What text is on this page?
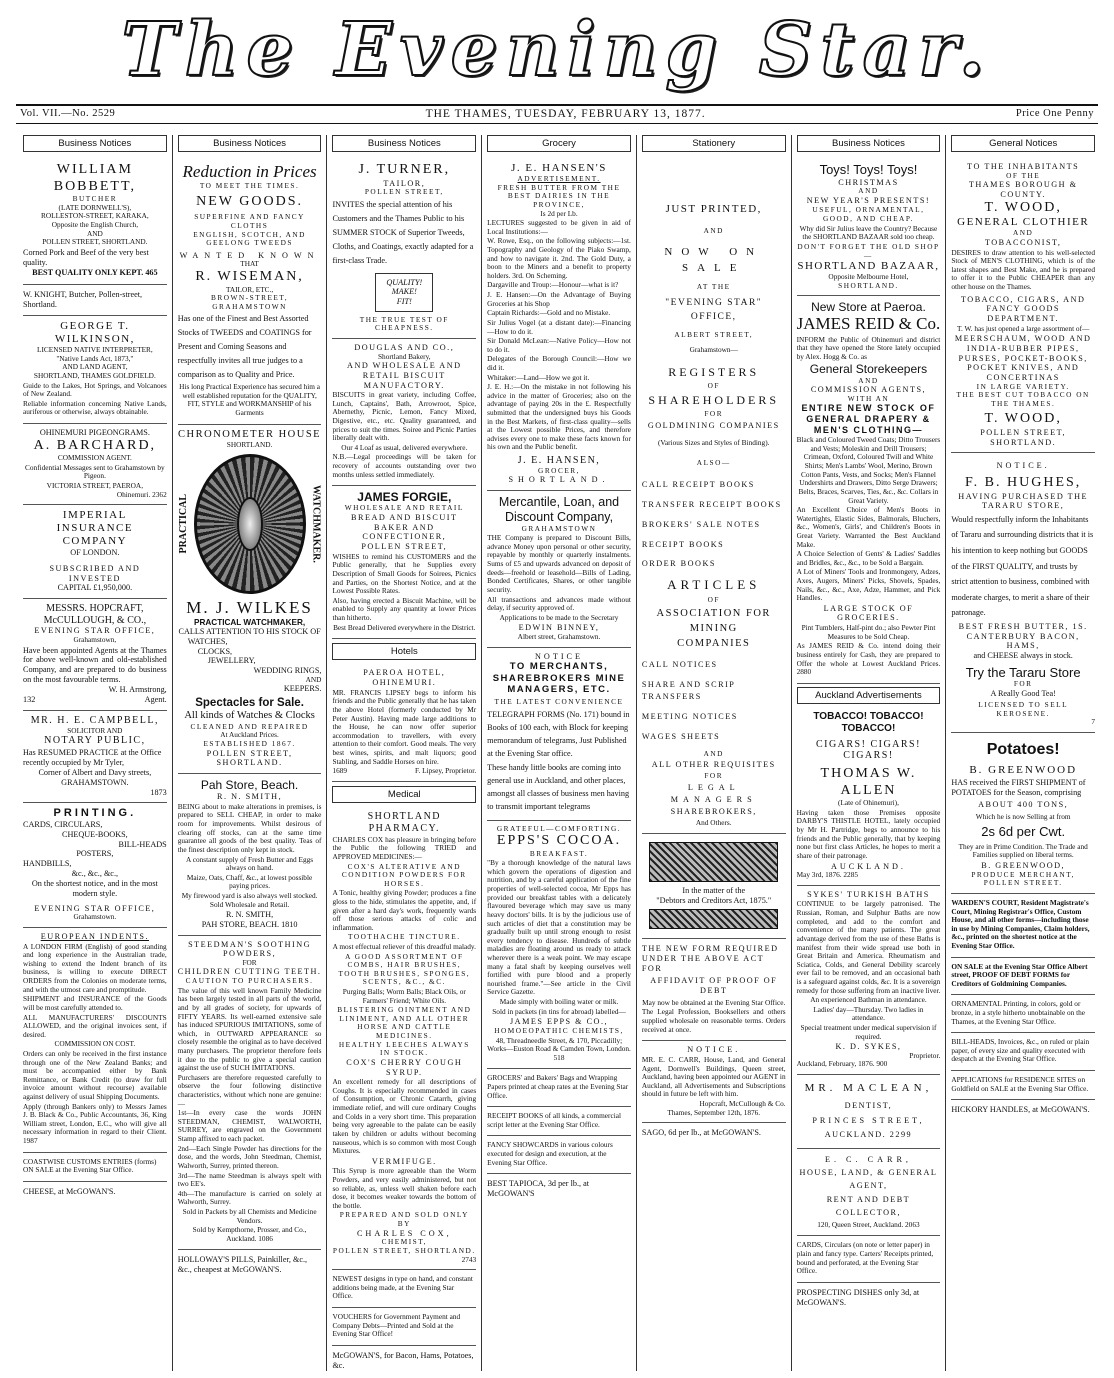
The Evening Star.
Vol. VII.—No. 2529	THE THAMES, TUESDAY, FEBRUARY 13, 1877.	Price One Penny
Business Notices
WILLIAM BOBBETT,
BUTCHER
(LATE DORNWELL'S),
ROLLESTON-STREET, KARAKA,
Opposite the English Church,
AND
POLLEN STREET, SHORTLAND.

Corned Pork and Beef of the very best quality.

BEST QUALITY ONLY KEPT. 465

W. KNIGHT, Butcher, Pollen-street, Shortland.

GEORGE T. WILKINSON,
LICENSED NATIVE INTERPRETER,
"Native Lands Act, 1873,"
AND LAND AGENT,
SHORTLAND, THAMES GOLDFIELD.

Guide to the Lakes, Hot Springs, and Volcanoes of New Zealand.

Reliable information concerning Native Lands, auriferous or otherwise, always obtainable.

OHINEMURI PIGEONGRAMS.
A. BARCHARD,
COMMISSION AGENT.

Confidential Messages sent to Grahamstown by Pigeon.

VICTORIA STREET, PAEROA,
Ohinemuri. 2362
IMPERIAL
INSURANCE COMPANY
OF LONDON.
SUBSCRIBED AND INVESTED
CAPITAL £1,950,000.
MESSRS. HOPCRAFT, McCULLOUGH, & CO.,
EVENING STAR OFFICE,
Grahamstown,

Have been appointed Agents at the Thames for above well-known and old-established Company, and are prepared to do business on the most favourable terms.

W. H. Armstrong,
132	Agent.
MR. H. E. CAMPBELL,
SOLICITOR AND
NOTARY PUBLIC,

Has RESUMED PRACTICE at the Office recently occupied by Mr Tyler,

Corner of Albert and Davy streets,
GRAHAMSTOWN.
1873
PRINTING.
CARDS, CIRCULARS,
CHEQUE-BOOKS,
BILL-HEADS
POSTERS,
HANDBILLS,
&c., &c., &c.,

On the shortest notice, and in the most modern style.

EVENING STAR OFFICE,
Grahamstown.
EUROPEAN INDENTS.

A LONDON FIRM (English) of good standing and long experience in the Australian trade, wishing to extend the Indent branch of its business, is willing to execute DIRECT ORDERS from the Colonies on moderate terms, and with the utmost care and promptitude.

SHIPMENT and INSURANCE of the Goods will be most carefully attended to.

ALL MANUFACTURERS' DISCOUNTS ALLOWED, and the original invoices sent, if desired.

COMMISSION ON COST.

Orders can only be received in the first instance through one of the New Zealand Banks; and must be accompanied either by Bank Remittance, or Bank Credit (to draw for full invoice amount without recourse) available against delivery of usual Shipping Documents.

Apply (through Bankers only) to Messrs James J. B. Black & Co., Public Accountants, 36, King William street, London, E.C., who will give all necessary information in regard to their Client. 1987

COASTWISE CUSTOMS ENTRIES (forms) ON SALE at the Evening Star Office.

CHEESE, at McGOWAN'S.

Business Notices
Reduction in Prices
TO MEET THE TIMES.
NEW GOODS.
SUPERFINE AND FANCY CLOTHS
ENGLISH, SCOTCH, AND GEELONG TWEEDS
WANTED KNOWN
THAT
R. WISEMAN,
TAILOR, ETC.,
BROWN-STREET, GRAHAMSTOWN

Has one of the Finest and Best Assorted Stocks of TWEEDS and COATINGS for Present and Coming Seasons and respectfully invites all true judges to a comparison as to Quality and Price.

His long Practical Experience has secured him a well established reputation for the QUALITY, FIT, STYLE and WORKMANSHIP of his Garments

CHRONOMETER HOUSE
SHORTLAND.
PRACTICAL	WATCHMAKER.
M. J. WILKES
PRACTICAL WATCHMAKER,
CALLS ATTENTION TO HIS STOCK OF
WATCHES,
CLOCKS,
JEWELLERY,
WEDDING RINGS,
AND
KEEPERS.
Spectacles for Sale.
All kinds of Watches & Clocks
CLEANED AND REPAIRED
At Auckland Prices.
ESTABLISHED 1867.
POLLEN STREET, SHORTLAND.
Pah Store, Beach.
R. N. SMITH,

BEING about to make alterations in premises, is prepared to SELL CHEAP, in order to make room for improvements. Whilst desirous of clearing off stocks, can at the same time guarantee all goods of the best quality. Teas of the finest description only kept in stock.

A constant supply of Fresh Butter and Eggs always on hand.

Maize, Oats, Chaff, &c., at lowest possible paying prices.

My firewood yard is also always well stocked. Sold Wholesale and Retail.

R. N. SMITH,
PAH STORE, BEACH. 1810
STEEDMAN'S SOOTHING POWDERS,
FOR
CHILDREN CUTTING TEETH.
CAUTION TO PURCHASERS.

The value of this well known Family Medicine has been largely tested in all parts of the world, and by all grades of society, for upwards of FIFTY YEARS. Its well-earned extensive sale has induced SPURIOUS IMITATIONS, some of which, in OUTWARD APPEARANCE so closely resemble the original as to have deceived many purchasers. The proprietor therefore feels it due to the public to give a special caution against the use of SUCH IMITATIONS.

Purchasers are therefore requested carefully to observe the four following distinctive characteristics, without which none are genuine:—

1st—In every case the words JOHN STEEDMAN, CHEMIST, WALWORTH, SURREY, are engraved on the Government Stamp affixed to each packet.

2nd—Each Single Powder has directions for the dose, and the words, John Steedman, Chemist, Walworth, Surrey, printed thereon.

3rd—The name Steedman is always spelt with two EE's.

4th—The manufacture is carried on solely at Walworth, Surrey.

Sold in Packets by all Chemists and Medicine Vendors.

Sold by Kempthorne, Prosser, and Co., Auckland. 1086

HOLLOWAY'S PILLS, Painkiller, &c., &c., cheapest at McGOWAN'S.

Business Notices
J. TURNER,
TAILOR,
POLLEN STREET,

INVITES the special attention of his Customers and the Thames Public to his SUMMER STOCK of Superior Tweeds, Cloths, and Coatings, exactly adapted for a first-class Trade.

QUALITY!
MAKE!
FIT!
THE TRUE TEST OF CHEAPNESS.
DOUGLAS AND CO.,
Shortland Bakery,
AND WHOLESALE AND RETAIL BISCUIT MANUFACTORY.

BISCUITS in great variety, including Coffee, Lunch, Captains', Bath, Arrowroot, Spice, Abernethy, Picnic, Lemon, Fancy Mixed, Digestive, etc., etc. Quality guaranteed, and prices to suit the times. Soiree and Picnic Parties liberally dealt with.

Our 4 Loaf as usual, delivered everywhere.

N.B.—Legal proceedings will be taken for recovery of accounts outstanding over two months unless settled immediately.

JAMES FORGIE,
WHOLESALE AND RETAIL
BREAD AND BISCUIT BAKER AND CONFECTIONER,
POLLEN STREET,

WISHES to remind his CUSTOMERS and the Public generally, that he Supplies every Description of Small Goods for Soirees, Picnics and Parties, on the Shortest Notice, and at the Lowest Possible Rates.

Also, having erected a Biscuit Machine, will be enabled to Supply any quantity at lower Prices than hitherto.

Best Bread Delivered everywhere in the District.

Hotels
PAEROA HOTEL, OHINEMURI.

MR. FRANCIS LIPSEY begs to inform his friends and the Public generally that he has taken the above Hotel (formerly conducted by Mr Peter Austin). Having made large additions to the House, he can now offer superior accommodation to travellers, with every attention to their comfort. Good meals. The very best wines, spirits, and malt liquors; good Stabling, and Saddle Horses on hire.

1689	F. Lipsey, Proprietor.
Medical
SHORTLAND PHARMACY.

CHARLES COX has pleasure in bringing before the Public the following TRIED and APPROVED MEDICINES:—

COX'S ALTERATIVE AND CONDITION POWDERS FOR HORSES.

A Tonic, healthy giving Powder; produces a fine gloss to the hide, stimulates the appetite, and, if given after a hard day's work, frequently wards off those serious attacks of colic and inflammation.

TOOTHACHE TINCTURE.

A most effectual reliever of this dreadful malady.

A GOOD ASSORTMENT OF COMBS, HAIR BRUSHES, TOOTH BRUSHES, SPONGES, SCENTS, &C., &C.

Purging Balls; Worm Balls; Black Oils, or Farmers' Friend; White Oils.

BLISTERING OINTMENT AND LINIMENT, AND ALL OTHER
HORSE AND CATTLE MEDICINES.
HEALTHY LEECHES ALWAYS IN STOCK.
COX'S CHERRY COUGH SYRUP.

An excellent remedy for all descriptions of Coughs. It is especially recommended in cases of Consumption, or Chronic Catarrh, giving immediate relief, and will cure ordinary Coughs and Colds in a very short time. This preparation being very agreeable to the palate can be easily taken by children or adults without becoming nauseous, which is so common with most Cough Mixtures.

VERMIFUGE.

This Syrup is more agreeable than the Worm Powders, and very easily administered, but not so reliable, as, unless well shaken before each dose, it becomes weaker towards the bottom of the bottle.

PREPARED AND SOLD ONLY BY
CHARLES COX,
CHEMIST,
POLLEN STREET, SHORTLAND.
2743

NEWEST designs in type on hand, and constant additions being made, at the Evening Star Office.

VOUCHERS for Government Payment and Company Debts—Printed and Sold at the Evening Star Office!

McGOWAN'S, for Bacon, Hams, Potatoes, &c.

Grocery
J. E. HANSEN'S
ADVERTISEMENT.
FRESH BUTTER FROM THE BEST DAIRIES IN THE PROVINCE,
Is 2d per Lb.

LECTURES suggested to be given in aid of Local Institutions:—

W. Rowe, Esq., on the following subjects:—1st. Topography and Geology of the Piako Swamp, and how to navigate it. 2nd. The Gold Duty, a boon to the Miners and a benefit to property holders. 3rd. On Scheming.

Dargaville and Troup:—Honour—what is it?

J. E. Hansen:—On the Advantage of Buying Groceries at his Shop

Captain Richards:—Gold and no Mistake.

Sir Julius Vogel (at a distant date):—Financing—How to do it.

Sir Donald McLean:—Native Policy—How not to do it.

Delegates of the Borough Council:—How we did it.

Whitaker:—Land—How we got it.

J. E. H.:—On the mistake in not following his advice in the matter of Groceries; also on the advantage of paying 20s in the £. Respectfully submitted that the undersigned buys his Goods in the Best Markets, of first-class quality—sells at the Lowest possible Prices, and therefore advises every one to make these facts known for his own and the Public benefit.

J. E. HANSEN,
GROCER,
SHORTLAND.
Mercantile, Loan, and Discount Company,
GRAHAMSTOWN

THE Company is prepared to Discount Bills, advance Money upon personal or other security, repayable by monthly or quarterly instalments. Sums of £5 and upwards advanced on deposit of deeds—freehold or leasehold—Bills of Lading, Bonded Certificates, Shares, or other tangible security.

All transactions and advances made without delay, if security approved of.

Applications to be made to the Secretary

EDWIN BINNEY,
Albert street, Grahamstown.
NOTICE
TO MERCHANTS, SHAREBROKERS MINE MANAGERS, ETC.
THE LATEST CONVENIENCE

TELEGRAPH FORMS (No. 171) bound in Books of 100 each, with Block for keeping memorandum of telegrams, Just Published at the Evening Star office.

These handy little books are coming into general use in Auckland, and other places, amongst all classes of business men having to transmit important telegrams

GRATEFUL—COMFORTING.
EPPS'S COCOA.
BREAKFAST.

"By a thorough knowledge of the natural laws which govern the operations of digestion and nutrition, and by a careful application of the fine properties of well-selected cocoa, Mr Epps has provided our breakfast tables with a delicately flavoured beverage which may save us many heavy doctors' bills. It is by the judicious use of such articles of diet that a constitution may be gradually built up until strong enough to resist every tendency to disease. Hundreds of subtle maladies are floating around us ready to attack wherever there is a weak point. We may escape many a fatal shaft by keeping ourselves well fortified with pure blood and a properly nourished frame."—See article in the Civil Service Gazette.

Made simply with boiling water or milk.

Sold in packets (in tins for abroad) labelled—

JAMES EPPS & CO.,
HOMOEOPATHIC CHEMISTS,

48, Threadneedle Street, & 170, Piccadilly; Works—Euston Road & Camden Town, London. 518

GROCERS' and Bakers' Bags and Wrapping Papers printed at cheap rates at the Evening Star Office.

RECEIPT BOOKS of all kinds, a commercial script letter at the Evening Star Office.

FANCY SHOWCARDS in various colours executed for design and execution, at the Evening Star Office.

BEST TAPIOCA, 3d per lb., at McGOWAN'S

Stationery
JUST PRINTED,
AND
NOW ON SALE
AT THE
"EVENING STAR" OFFICE,
ALBERT STREET,
Grahamstown—
REGISTERS
OF
SHAREHOLDERS
FOR
GOLDMINING COMPANIES
(Various Sizes and Styles of Binding).
ALSO—
CALL RECEIPT BOOKS
TRANSFER RECEIPT BOOKS
BROKERS' SALE NOTES
RECEIPT BOOKS
ORDER BOOKS
ARTICLES
OF
ASSOCIATION FOR MINING
COMPANIES
CALL NOTICES
SHARE AND SCRIP TRANSFERS
MEETING NOTICES
WAGES SHEETS
AND
ALL OTHER REQUISITES
FOR
LEGAL MANAGERS
SHAREBROKERS,
And Others.
In the matter of the
"Debtors and Creditors Act, 1875."

THE NEW FORM REQUIRED UNDER THE ABOVE ACT FOR

AFFIDAVIT OF PROOF OF DEBT

May now be obtained at the Evening Star Office.

The Legal Profession, Booksellers and others supplied wholesale on reasonable terms. Orders received at once.

NOTICE.

MR. E. C. CARR, House, Land, and General Agent, Dornwell's Buildings, Queen street, Auckland, having been appointed our AGENT in Auckland, all Advertisements and Subscriptions should in future be left with him.

Hopcraft, McCullough & Co.
Thames, September 12th, 1876.

SAGO, 6d per lb., at McGOWAN'S.

Business Notices
Toys! Toys! Toys!
CHRISTMAS
AND
NEW YEAR'S PRESENTS!

USEFUL, ORNAMENTAL, GOOD, AND CHEAP.

Why did Sir Julius leave the Country? Because the SHORTLAND BAZAAR sold too cheap.

DON'T FORGET THE OLD SHOP—
SHORTLAND BAZAAR,
Opposite Melbourne Hotel,
SHORTLAND.
New Store at Paeroa.
JAMES REID & Co.

INFORM the Public of Ohinemuri and district that they have opened the Store lately occupied by Alex. Hogg & Co. as

General Storekeepers
AND
COMMISSION AGENTS,
WITH AN
ENTIRE NEW STOCK OF GENERAL DRAPERY & MEN'S CLOTHING—

Black and Coloured Tweed Coats; Ditto Trousers and Vests; Moleskin and Drill Trousers; Crimean, Oxford, Coloured Twill and White Shirts; Men's Lambs' Wool, Merino, Brown Cotton Pants, Vests, and Socks; Men's Flannel Undershirts and Drawers, Ditto Serge Drawers; Belts, Braces, Scarves, Ties, &c., &c. Collars in Great Variety.

An Excellent Choice of Men's Boots in Watertights, Elastic Sides, Balmorals, Bluchers, &c., Women's, Girls', and Children's Boots in Great Variety. Warranted the Best Auckland Make.

A Choice Selection of Gents' & Ladies' Saddles and Bridles, &c., &c., to be Sold a Bargain.

A Lot of Miners' Tools and Ironmongery, Adzes, Axes, Augers, Miners' Picks, Shovels, Spades, Nails, &c., &c., Axe, Adze, Hammer, and Pick Handles.

LARGE STOCK OF GROCERIES.

Pint Tumblers, Half-pint do.; also Pewter Pint Measures to be Sold Cheap.

As JAMES REID & Co. intend doing their business entirely for Cash, they are prepared to Offer the whole at Lowest Auckland Prices. 2880

Auckland Advertisements
TOBACCO! TOBACCO! TOBACCO!
CIGARS! CIGARS! CIGARS!
THOMAS W. ALLEN
(Late of Ohinemuri),

Having taken those Premises opposite DARBY'S THISTLE HOTEL, lately occupied by Mr H. Partridge, begs to announce to his friends and the Public generally, that by keeping none but first class Articles, he hopes to merit a share of their patronage.

AUCKLAND.
May 3rd, 1876. 2285
SYKES' TURKISH BATHS

CONTINUE to be largely patronised. The Russian, Roman, and Sulphur Baths are now completed, and add to the comfort and convenience of the many patients. The great advantage derived from the use of these Baths is manifest from their wide spread use both in Great Britain and America. Rheumatism and Sciatica, Colds, and General Debility scarcely ever fail to be removed, and an occasional bath is a safeguard against colds, &c. It is a sovereign remedy for those suffering from an inactive liver.

An experienced Bathman in attendance.

Ladies' day—Thursday. Two ladies in attendance.

Special treatment under medical supervision if required.

K. D. SYKES,
Proprietor.
Auckland, February, 1876. 900
MR. MACLEAN,
DENTIST,
PRINCES STREET,
AUCKLAND. 2299
E. C. CARR,
HOUSE, LAND, & GENERAL AGENT,
RENT AND DEBT COLLECTOR,
120, Queen Street, Auckland. 2063

CARDS, Circulars (on note or letter paper) in plain and fancy type. Carters' Receipts printed, bound and perforated, at the Evening Star Office.

PROSPECTING DISHES only 3d, at McGOWAN'S.

General Notices
TO THE INHABITANTS
OF THE
THAMES BOROUGH & COUNTY.
T. WOOD,
GENERAL CLOTHIER
AND
TOBACCONIST,

DESIRES to draw attention to his well-selected Stock of MEN'S CLOTHING, which is of the latest shapes and Best Make, and he is prepared to offer it to the Public CHEAPER than any other house on the Thames.

TOBACCO, CIGARS, AND FANCY GOODS DEPARTMENT.

T. W. has just opened a large assortment of—

MEERSCHAUM, WOOD AND INDIA-RUBBER PIPES,
PURSES, POCKET-BOOKS, POCKET KNIVES, AND CONCERTINAS
IN LARGE VARIETY.
THE BEST CUT TOBACCO ON THE THAMES.
T. WOOD,
POLLEN STREET, SHORTLAND.
NOTICE.
F. B. HUGHES,
HAVING PURCHASED THE TARARU STORE,

Would respectfully inform the Inhabitants of Tararu and surrounding districts that it is his intention to keep nothing but GOODS of the FIRST QUALITY, and trusts by strict attention to business, combined with moderate charges, to merit a share of their patronage.

BEST FRESH BUTTER, 1S.
CANTERBURY BACON, HAMS,
and CHEESE always in stock.
Try the Tararu Store
FOR
A Really Good Tea!
LICENSED TO SELL KEROSENE.
7
Potatoes!
B. GREENWOOD

HAS received the FIRST SHIPMENT of POTATOES for the Season, comprising

ABOUT 400 TONS,
Which he is now Selling at from
2s 6d per Cwt.

They are in Prime Condition. The Trade and Families supplied on liberal terms.

B. GREENWOOD,
PRODUCE MERCHANT,
POLLEN STREET.

WARDEN'S COURT, Resident Magistrate's Court, Mining Registrar's Office, Custom House, and all other forms—including those in use by Mining Companies, Claim holders, &c., printed on the shortest notice at the Evening Star Office.

ON SALE at the Evening Star Office Albert street, PROOF OF DEBT FORMS for Creditors of Goldmining Companies.

ORNAMENTAL Printing, in colors, gold or bronze, in a style hitherto unobtainable on the Thames, at the Evening Star Office.

BILL-HEADS, Invoices, &c., on ruled or plain paper, of every size and quality executed with despatch at the Evening Star Office.

APPLICATIONS for RESIDENCE SITES on Goldfield on SALE at the Evening Star Office.

HICKORY HANDLES, at McGOWAN'S.
